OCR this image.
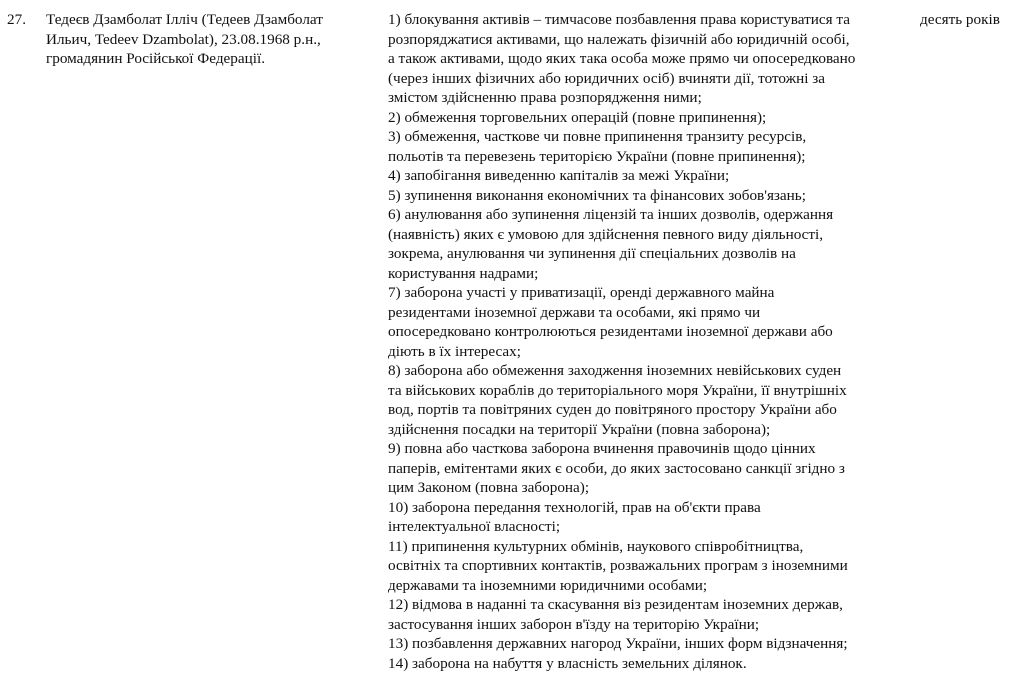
27. Тедеєв Дзамболат Ілліч (Тедеев Дзамболат
Ильич, Tedeev Dzambolat), 23.08.1968 р.н.,
громадянин Російської Федерації.
1) блокування активів – тимчасове позбавлення права користуватися та
розпоряджатися активами, що належать фізичній або юридичній особі,
а також активами, щодо яких така особа може прямо чи опосередковано
(через інших фізичних або юридичних осіб) вчиняти дії, тотожні за
змістом здійсненню права розпорядження ними;
2) обмеження торговельних операцій (повне припинення);
3) обмеження, часткове чи повне припинення транзиту ресурсів,
польотів та перевезень територією України (повне припинення);
4) запобігання виведенню капіталів за межі України;
5) зупинення виконання економічних та фінансових зобов'язань;
6) анулювання або зупинення ліцензій та інших дозволів, одержання
(наявність) яких є умовою для здійснення певного виду діяльності,
зокрема, анулювання чи зупинення дії спеціальних дозволів на
користування надрами;
7) заборона участі у приватизації, оренді державного майна
резидентами іноземної держави та особами, які прямо чи
опосередковано контролюються резидентами іноземної держави або
діють в їх інтересах;
8) заборона або обмеження заходження іноземних невійськових суден
та військових кораблів до територіального моря України, її внутрішніх
вод, портів та повітряних суден до повітряного простору України або
здійснення посадки на території України (повна заборона);
9) повна або часткова заборона вчинення правочинів щодо цінних
паперів, емітентами яких є особи, до яких застосовано санкції згідно з
цим Законом (повна заборона);
10) заборона передання технологій, прав на об'єкти права
інтелектуальної власності;
11) припинення культурних обмінів, наукового співробітництва,
освітніх та спортивних контактів, розважальних програм з іноземними
державами та іноземними юридичними особами;
12) відмова в наданні та скасування віз резидентам іноземних держав,
застосування інших заборон в'їзду на територію України;
13) позбавлення державних нагород України, інших форм відзначення;
14) заборона на набуття у власність земельних ділянок.
десять років
